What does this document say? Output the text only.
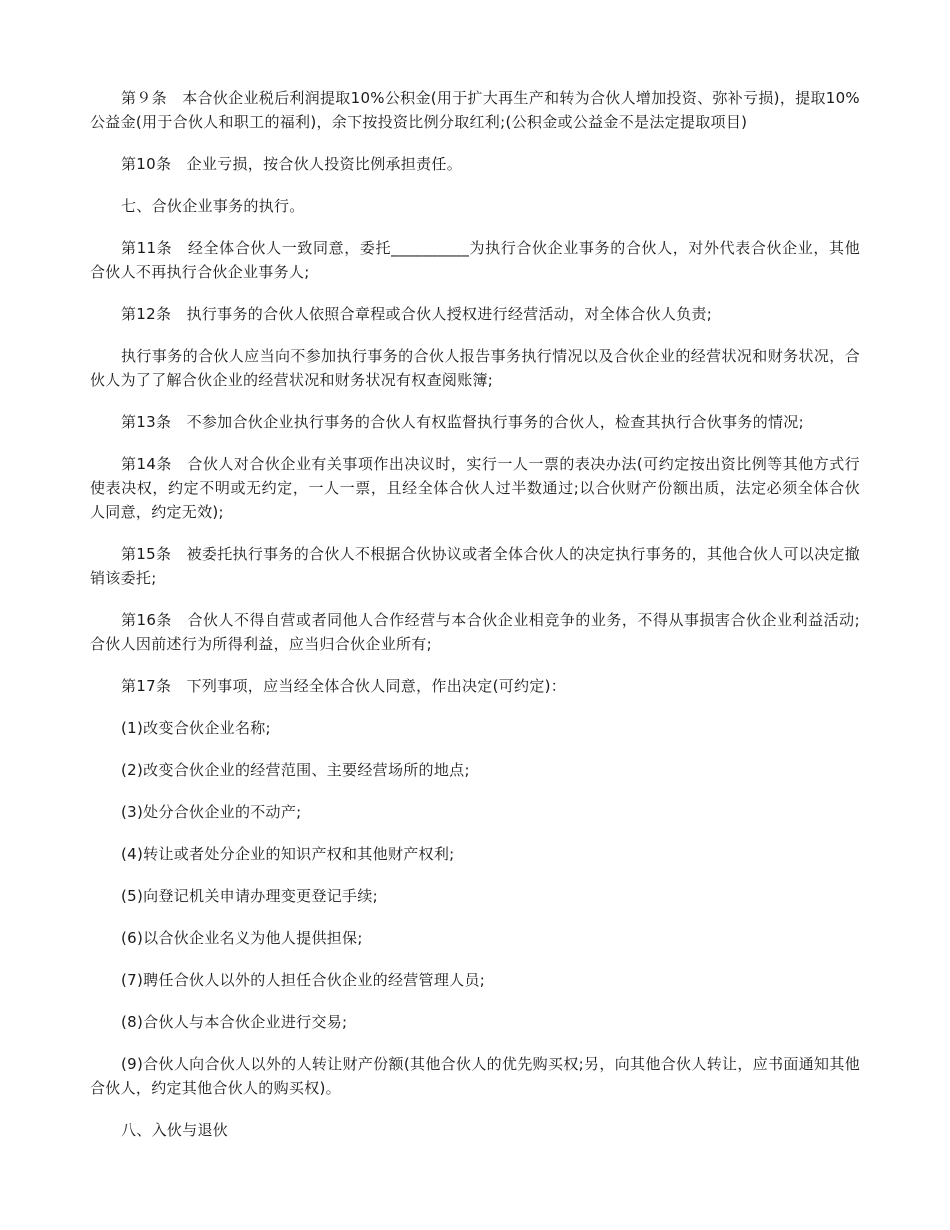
第９条　本合伙企业税后利润提取10%公积金(用于扩大再生产和转为合伙人增加投资、弥补亏损)，提取10%公益金(用于合伙人和职工的福利)，余下按投资比例分取红利;(公积金或公益金不是法定提取项目)

第10条　企业亏损，按合伙人投资比例承担责任。

七、合伙企业事务的执行。

第11条　经全体合伙人一致同意，委托__________为执行合伙企业事务的合伙人，对外代表合伙企业，其他合伙人不再执行合伙企业事务人;

第12条　执行事务的合伙人依照合章程或合伙人授权进行经营活动，对全体合伙人负责;

执行事务的合伙人应当向不参加执行事务的合伙人报告事务执行情况以及合伙企业的经营状况和财务状况，合伙人为了了解合伙企业的经营状况和财务状况有权查阅账簿;

第13条　不参加合伙企业执行事务的合伙人有权监督执行事务的合伙人，检查其执行合伙事务的情况;

第14条　合伙人对合伙企业有关事项作出决议时，实行一人一票的表决办法(可约定按出资比例等其他方式行使表决权，约定不明或无约定，一人一票，且经全体合伙人过半数通过;以合伙财产份额出质，法定必须全体合伙人同意，约定无效);

第15条　被委托执行事务的合伙人不根据合伙协议或者全体合伙人的决定执行事务的，其他合伙人可以决定撤销该委托;

第16条　合伙人不得自营或者同他人合作经营与本合伙企业相竞争的业务，不得从事损害合伙企业利益活动;合伙人因前述行为所得利益，应当归合伙企业所有;

第17条　下列事项，应当经全体合伙人同意，作出决定(可约定)：

(1)改变合伙企业名称;

(2)改变合伙企业的经营范围、主要经营场所的地点;

(3)处分合伙企业的不动产;

(4)转让或者处分企业的知识产权和其他财产权利;

(5)向登记机关申请办理变更登记手续;

(6)以合伙企业名义为他人提供担保;

(7)聘任合伙人以外的人担任合伙企业的经营管理人员;

(8)合伙人与本合伙企业进行交易;

(9)合伙人向合伙人以外的人转让财产份额(其他合伙人的优先购买权;另，向其他合伙人转让，应书面通知其他合伙人，约定其他合伙人的购买权)。

八、入伙与退伙
